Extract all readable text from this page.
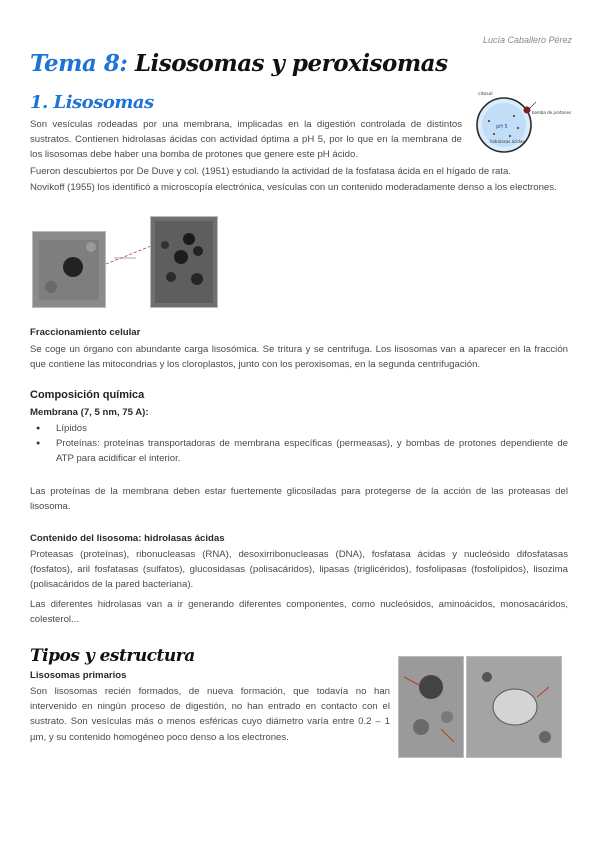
Lucía Caballero Pérez
Tema 8: Lisosomas y peroxisomas
1. Lisosomas	citosol
bomba de protones
hidrolasas ácidas
pH 5
Son vesículas rodeadas por una membrana, implicadas en la digestión controlada de distintos sustratos. Contienen hidrolasas ácidas con actividad óptima a pH 5, por lo que en la membrana de los lisosomas debe haber una bomba de protones que genere este pH ácido.
Fueron descubiertos por De Duve y col. (1951) estudiando la actividad de la fosfatasa ácida en el hígado de rata.
Novikoff (1955) los identificó a microscopía electrónica, vesículas con un contenido moderadamente denso a los electrones.
Fraccionamiento celular
Se coge un órgano con abundante carga lisosómica. Se tritura y se centrifuga. Los lisosomas van a aparecer en la fracción que contiene las mitocondrias y los cloroplastos, junto con los peroxisomas, en la segunda centrifugación.
Composición química
Membrana (7, 5 nm, 75 A):
● Lípidos
● Proteínas: proteínas transportadoras de membrana específicas (permeasas), y bombas de protones dependiente de ATP para acidificar el interior.
Las proteínas de la membrana deben estar fuertemente glicosiladas para protegerse de la acción de las proteasas del lisosoma.
Contenido del lisosoma: hidrolasas ácidas
Proteasas (proteínas), ribonucleasas (RNA), desoxirribonucleasas (DNA), fosfatasa ácidas y nucleósido difosfatasas (fosfatos), aril fosfatasas (sulfatos), glucosidasas (polisacáridos), lipasas (triglicéridos), fosfolipasas (fosfolípidos), lisozima (polisacáridos de la pared bacteriana).
Las diferentes hidrolasas van a ir generando diferentes componentes, como nucleósidos, aminoácidos, monosacáridos, colesterol...
Tipos y estructura
Lisosomas primarios
Son lisosomas recién formados, de nueva formación, que todavía no han intervenido en ningún proceso de digestión, no han entrado en contacto con el sustrato. Son vesículas más o menos esféricas cuyo diámetro varía entre 0.2 – 1 µm, y su contenido homogéneo poco denso a los electrones.
